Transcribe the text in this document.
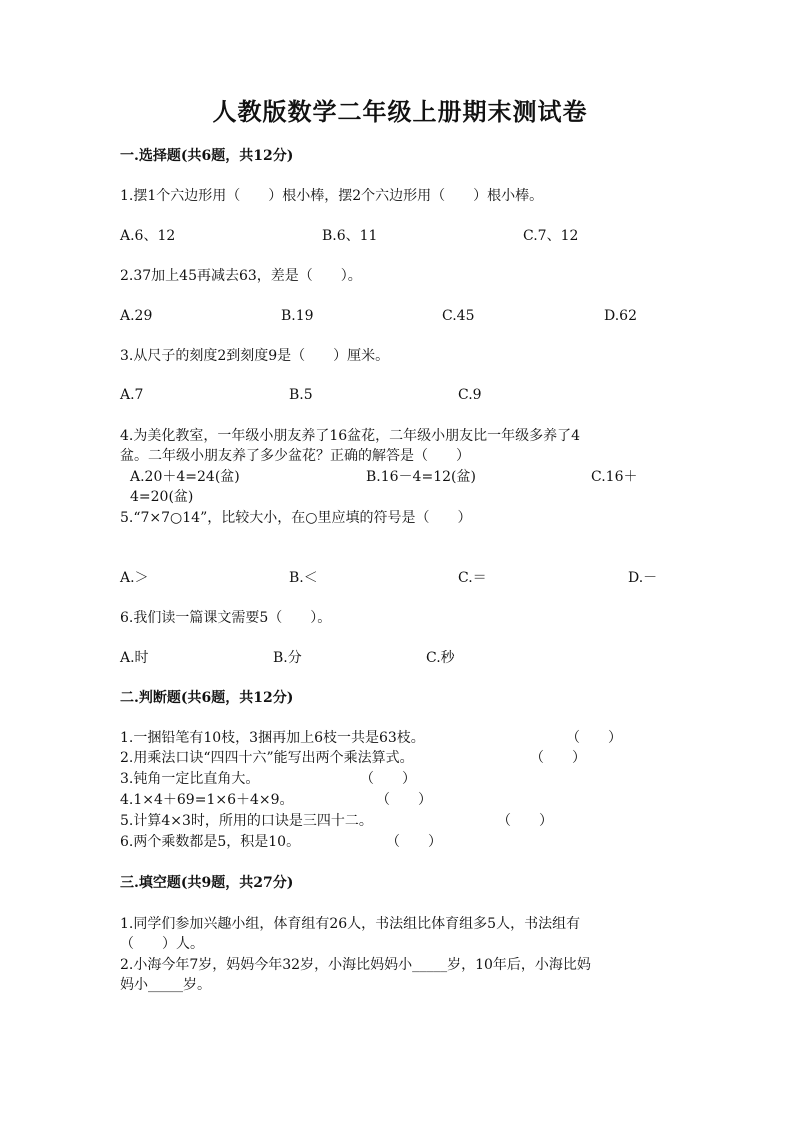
人教版数学二年级上册期末测试卷
一.选择题(共6题，共12分)
1.摆1个六边形用（　　）根小棒，摆2个六边形用（　　）根小棒。
A.6、12	B.6、11	C.7、12
2.37加上45再减去63，差是（　　）。
A.29	B.19	C.45	D.62
3.从尺子的刻度2到刻度9是（　　）厘米。
A.7	B.5	C.9
4.为美化教室，一年级小朋友养了16盆花，二年级小朋友比一年级多养了4
盆。二年级小朋友养了多少盆花？正确的解答是（　　）
A.20＋4=24(盆)	B.16－4=12(盆)	C.16＋
4=20(盆)
5.“7×7○14”，比较大小，在○里应填的符号是（　　）
A.＞	B.＜	C.＝	D.－
6.我们读一篇课文需要5（　　）。
A.时	B.分	C.秒
二.判断题(共6题，共12分)
1.一捆铅笔有10枝，3捆再加上6枝一共是63枝。	（　　）
2.用乘法口诀“四四十六”能写出两个乘法算式。	（　　）
3.钝角一定比直角大。	（　　）
4.1×4＋69=1×6＋4×9。	（　　）
5.计算4×3时，所用的口诀是三四十二。	（　　）
6.两个乘数都是5，积是10。	（　　）
三.填空题(共9题，共27分)
1.同学们参加兴趣小组，体育组有26人，书法组比体育组多5人，书法组有
（　　）人。
2.小海今年7岁，妈妈今年32岁，小海比妈妈小_____岁，10年后，小海比妈
妈小_____岁。
